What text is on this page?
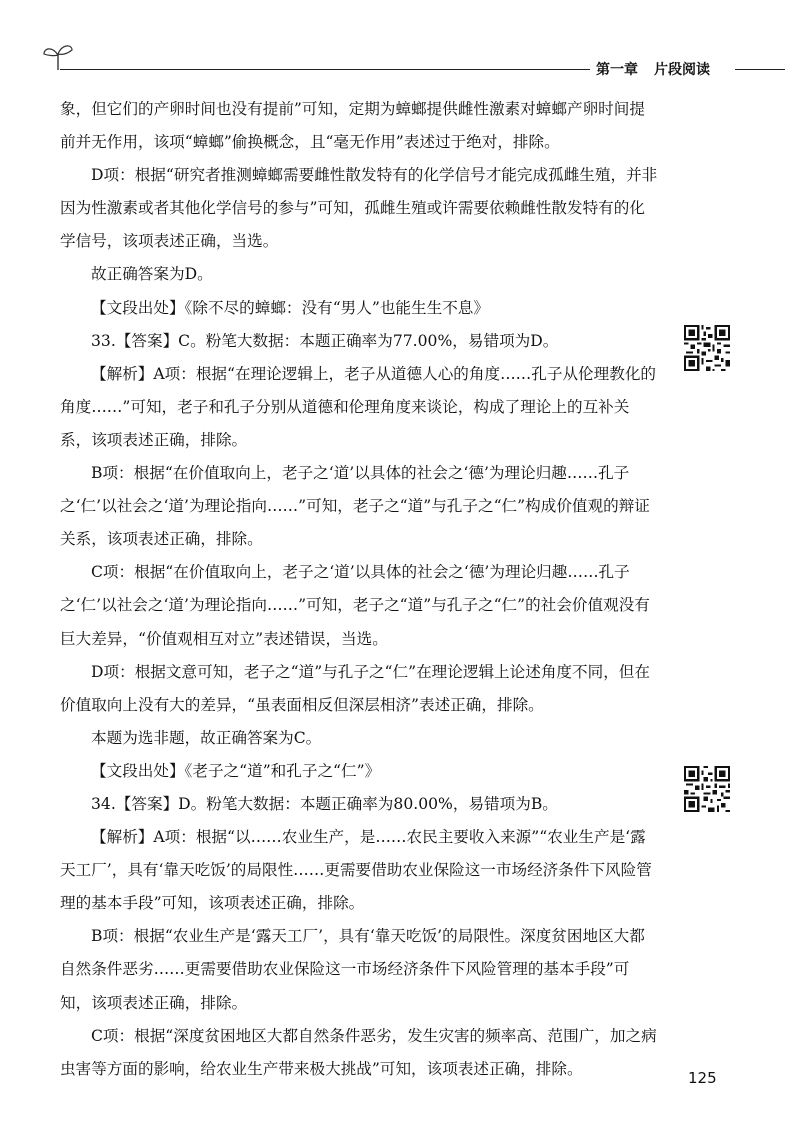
第一章 片段阅读

象，但它们的产卵时间也没有提前”可知，定期为蟑螂提供雌性激素对蟑螂产卵时间提前并无作用，该项“蟑螂”偷换概念，且“毫无作用”表述过于绝对，排除。

D项：根据“研究者推测蟑螂需要雌性散发特有的化学信号才能完成孤雌生殖，并非因为性激素或者其他化学信号的参与”可知，孤雌生殖或许需要依赖雌性散发特有的化学信号，该项表述正确，当选。

故正确答案为D。

【文段出处】《除不尽的蟑螂：没有“男人”也能生生不息》

33.【答案】C。粉笔大数据：本题正确率为77.00%，易错项为D。

【解析】A项：根据“在理论逻辑上，老子从道德人心的角度……孔子从伦理教化的角度……”可知，老子和孔子分别从道德和伦理角度来谈论，构成了理论上的互补关系，该项表述正确，排除。

B项：根据“在价值取向上，老子之‘道’以具体的社会之‘德’为理论归趣……孔子之‘仁’以社会之‘道’为理论指向……”可知，老子之“道”与孔子之“仁”构成价值观的辩证关系，该项表述正确，排除。

C项：根据“在价值取向上，老子之‘道’以具体的社会之‘德’为理论归趣……孔子之‘仁’以社会之‘道’为理论指向……”可知，老子之“道”与孔子之“仁”的社会价值观没有巨大差异，“价值观相互对立”表述错误，当选。

D项：根据文意可知，老子之“道”与孔子之“仁”在理论逻辑上论述角度不同，但在价值取向上没有大的差异，“虽表面相反但深层相济”表述正确，排除。

本题为选非题，故正确答案为C。

【文段出处】《老子之“道”和孔子之“仁”》

34.【答案】D。粉笔大数据：本题正确率为80.00%，易错项为B。

【解析】A项：根据“以……农业生产，是……农民主要收入来源”“农业生产是‘露天工厂’，具有‘靠天吃饭’的局限性……更需要借助农业保险这一市场经济条件下风险管理的基本手段”可知，该项表述正确，排除。

B项：根据“农业生产是‘露天工厂’，具有‘靠天吃饭’的局限性。深度贫困地区大都自然条件恶劣……更需要借助农业保险这一市场经济条件下风险管理的基本手段”可知，该项表述正确，排除。

C项：根据“深度贫困地区大都自然条件恶劣，发生灾害的频率高、范围广，加之病虫害等方面的影响，给农业生产带来极大挑战”可知，该项表述正确，排除。

125
